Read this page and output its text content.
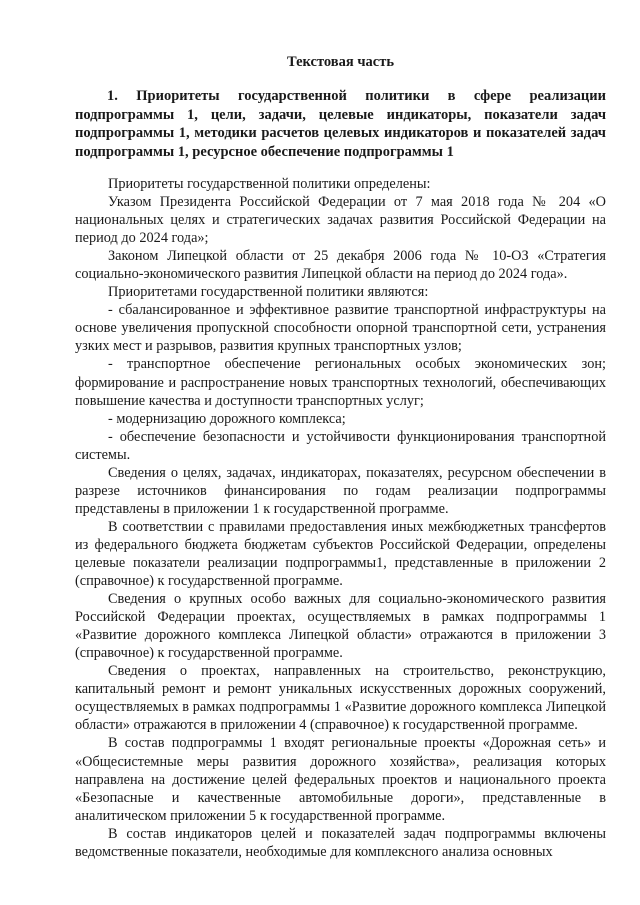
Текстовая часть
1. Приоритеты государственной политики в сфере реализации подпрограммы 1, цели, задачи, целевые индикаторы, показатели задач подпрограммы 1, методики расчетов целевых индикаторов и показателей задач подпрограммы 1, ресурсное обеспечение подпрограммы 1

Приоритеты государственной политики определены:

Указом Президента Российской Федерации от 7 мая 2018 года № 204 «О национальных целях и стратегических задачах развития Российской Федерации на период до 2024 года»;

Законом Липецкой области от 25 декабря 2006 года № 10-ОЗ «Стратегия социально-экономического развития Липецкой области на период до 2024 года».

Приоритетами государственной политики являются:

- сбалансированное и эффективное развитие транспортной инфраструктуры на основе увеличения пропускной способности опорной транспортной сети, устранения узких мест и разрывов, развития крупных транспортных узлов;

- транспортное обеспечение региональных особых экономических зон; формирование и распространение новых транспортных технологий, обеспечивающих повышение качества и доступности транспортных услуг;

- модернизацию дорожного комплекса;

- обеспечение безопасности и устойчивости функционирования транспортной системы.

Сведения о целях, задачах, индикаторах, показателях, ресурсном обеспечении в разрезе источников финансирования по годам реализации подпрограммы представлены в приложении 1 к государственной программе.

В соответствии с правилами предоставления иных межбюджетных трансфертов из федерального бюджета бюджетам субъектов Российской Федерации, определены целевые показатели реализации подпрограммы1, представленные в приложении 2 (справочное) к государственной программе.

Сведения о крупных особо важных для социально-экономического развития Российской Федерации проектах, осуществляемых в рамках подпрограммы 1 «Развитие дорожного комплекса Липецкой области» отражаются в приложении 3 (справочное) к государственной программе.

Сведения о проектах, направленных на строительство, реконструкцию, капитальный ремонт и ремонт уникальных искусственных дорожных сооружений, осуществляемых в рамках подпрограммы 1 «Развитие дорожного комплекса Липецкой области» отражаются в приложении 4 (справочное) к государственной программе.

В состав подпрограммы 1 входят региональные проекты «Дорожная сеть» и «Общесистемные меры развития дорожного хозяйства», реализация которых направлена на достижение целей федеральных проектов и национального проекта «Безопасные и качественные автомобильные дороги», представленные в аналитическом приложении 5 к государственной программе.

В состав индикаторов целей и показателей задач подпрограммы включены ведомственные показатели, необходимые для комплексного анализа основных
